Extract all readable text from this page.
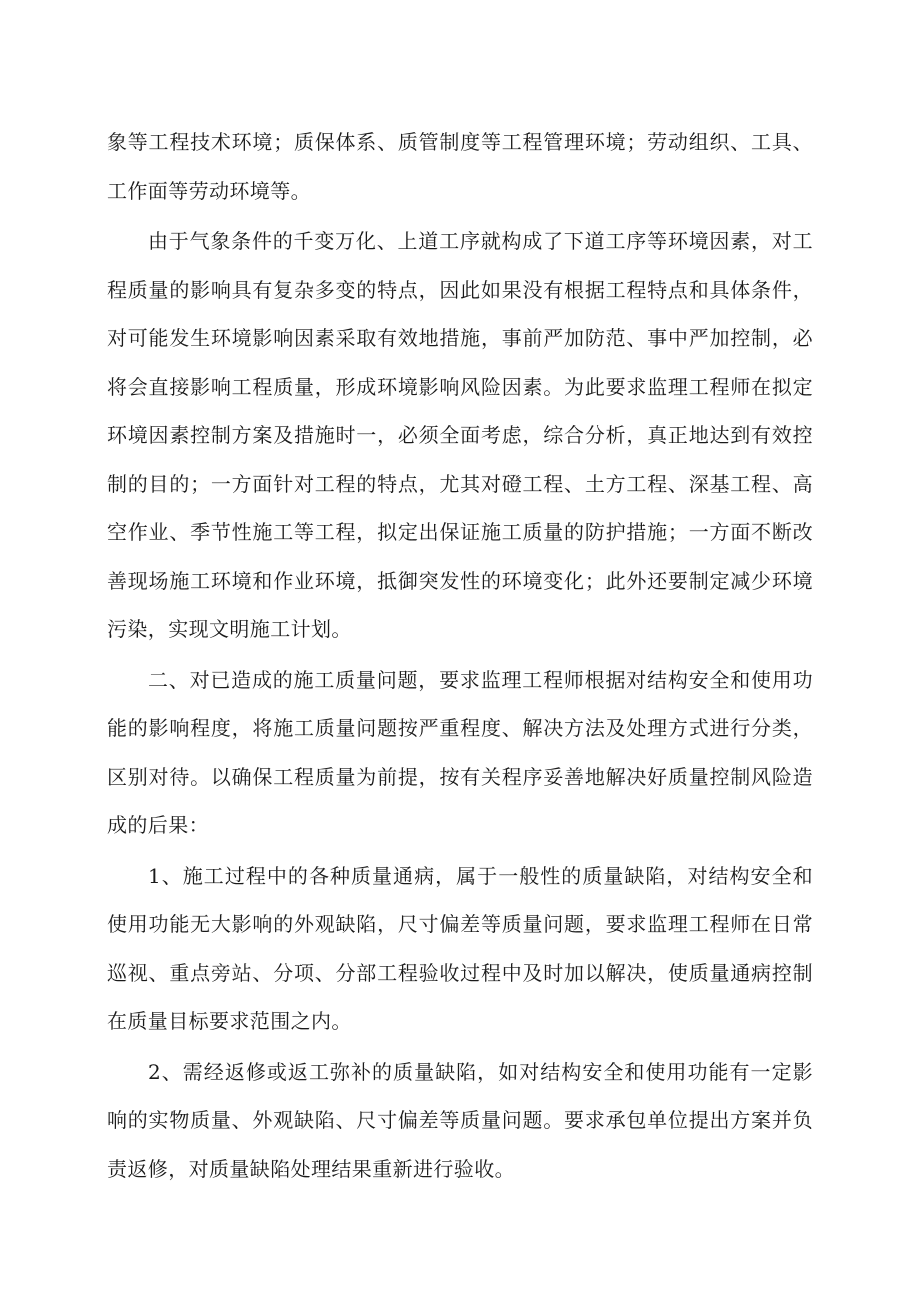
象等工程技术环境；质保体系、质管制度等工程管理环境；劳动组织、工具、工作面等劳动环境等。

由于气象条件的千变万化、上道工序就构成了下道工序等环境因素，对工程质量的影响具有复杂多变的特点，因此如果没有根据工程特点和具体条件，对可能发生环境影响因素采取有效地措施，事前严加防范、事中严加控制，必将会直接影响工程质量，形成环境影响风险因素。为此要求监理工程师在拟定环境因素控制方案及措施时一，必须全面考虑，综合分析，真正地达到有效控制的目的；一方面针对工程的特点，尤其对磴工程、土方工程、深基工程、高空作业、季节性施工等工程，拟定出保证施工质量的防护措施；一方面不断改善现场施工环境和作业环境，抵御突发性的环境变化；此外还要制定减少环境污染，实现文明施工计划。

二、对已造成的施工质量问题，要求监理工程师根据对结构安全和使用功能的影响程度，将施工质量问题按严重程度、解决方法及处理方式进行分类，区别对待。以确保工程质量为前提，按有关程序妥善地解决好质量控制风险造成的后果：

1、施工过程中的各种质量通病，属于一般性的质量缺陷，对结构安全和使用功能无大影响的外观缺陷，尺寸偏差等质量问题，要求监理工程师在日常巡视、重点旁站、分项、分部工程验收过程中及时加以解决，使质量通病控制在质量目标要求范围之内。

2、需经返修或返工弥补的质量缺陷，如对结构安全和使用功能有一定影响的实物质量、外观缺陷、尺寸偏差等质量问题。要求承包单位提出方案并负责返修，对质量缺陷处理结果重新进行验收。
